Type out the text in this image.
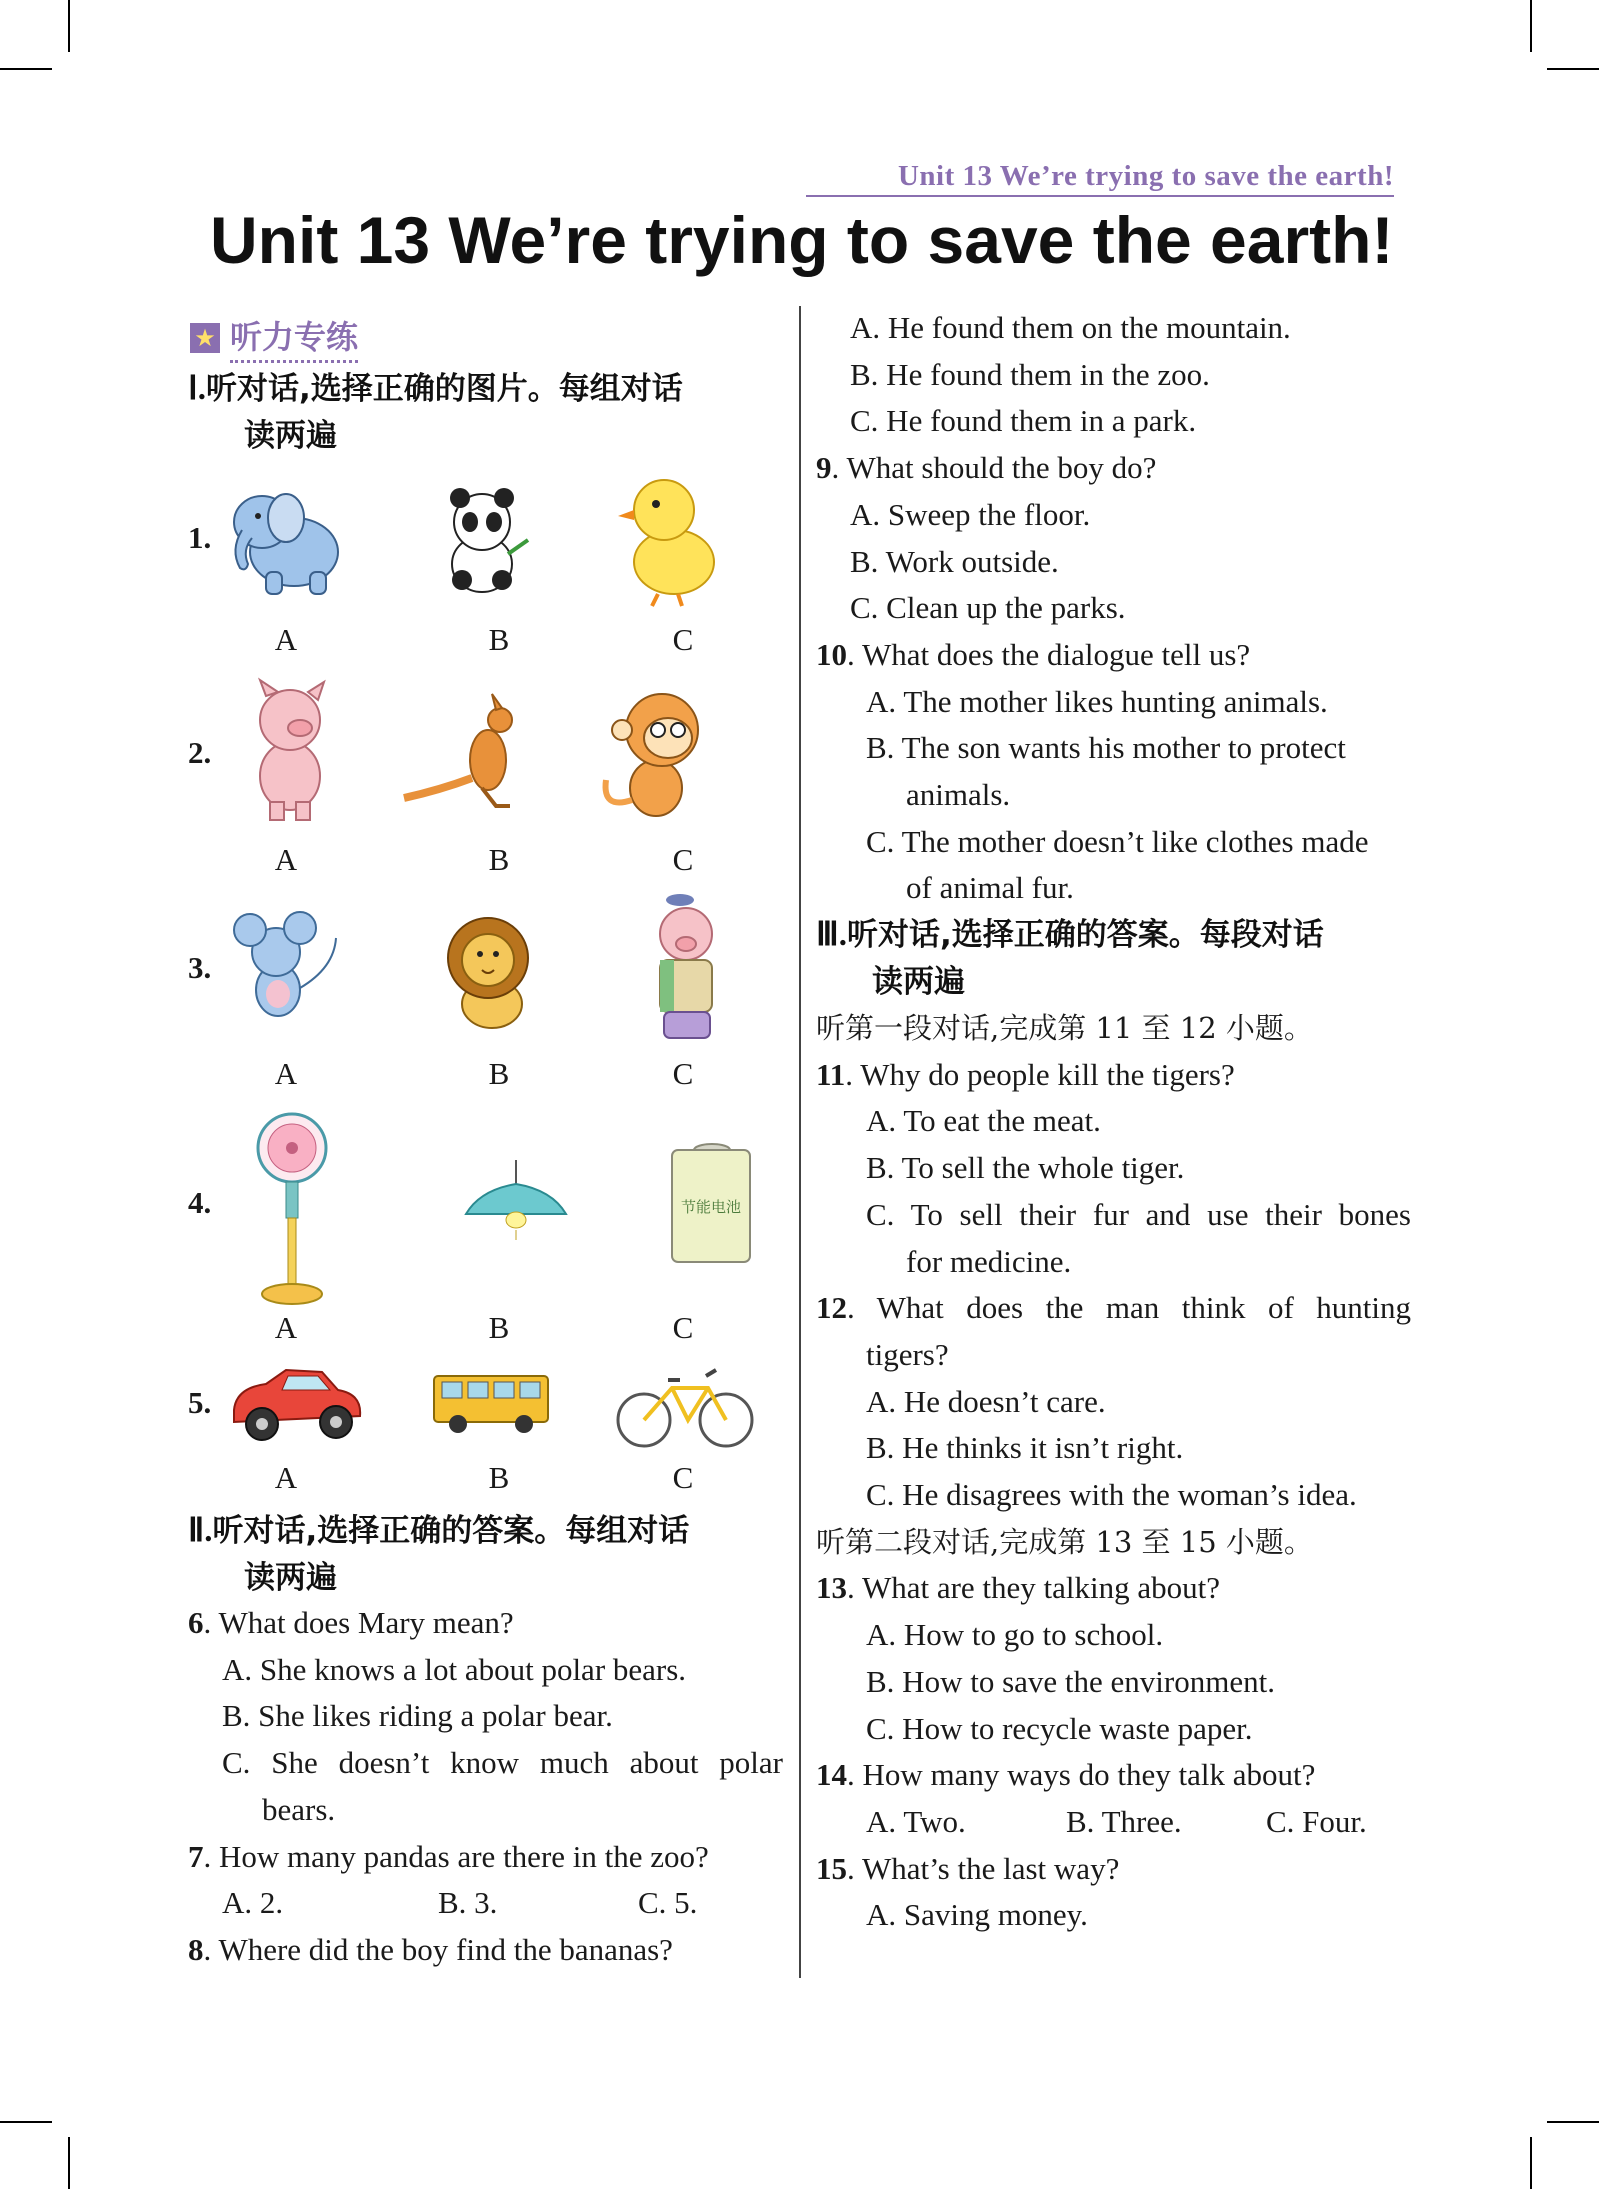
Unit 13 We’re trying to save the earth!
Unit 13 We’re trying to save the earth!
★ 听力专练
Ⅰ.听对话,选择正确的图片。每组对话
读两遍
1.
2.
3.
4.
5.
A	B	C
A	B	C
A	B	C
A	B	C
A	B	C
节能电池
Ⅱ.听对话,选择正确的答案。每组对话
读两遍

6. What does Mary mean?

A. She knows a lot about polar bears.

B. She likes riding a polar bear.

C. She doesn’t know much about polar

bears.

7. How many pandas are there in the zoo?

A. 2.	B. 3.	C. 5.

8. Where did the boy find the bananas?

A. He found them on the mountain.

B. He found them in the zoo.

C. He found them in a park.

9. What should the boy do?

A. Sweep the floor.

B. Work outside.

C. Clean up the parks.

10. What does the dialogue tell us?

A. The mother likes hunting animals.

B. The son wants his mother to protect

animals.

C. The mother doesn’t like clothes made

of animal fur.

Ⅲ.听对话,选择正确的答案。每段对话
读两遍

听第一段对话,完成第 11 至 12 小题。

11. Why do people kill the tigers?

A. To eat the meat.

B. To sell the whole tiger.

C. To sell their fur and use their bones

for medicine.

12. What does the man think of hunting

tigers?

A. He doesn’t care.

B. He thinks it isn’t right.

C. He disagrees with the woman’s idea.

听第二段对话,完成第 13 至 15 小题。

13. What are they talking about?

A. How to go to school.

B. How to save the environment.

C. How to recycle waste paper.

14. How many ways do they talk about?

A. Two.	B. Three.	C. Four.

15. What’s the last way?

A. Saving money.
